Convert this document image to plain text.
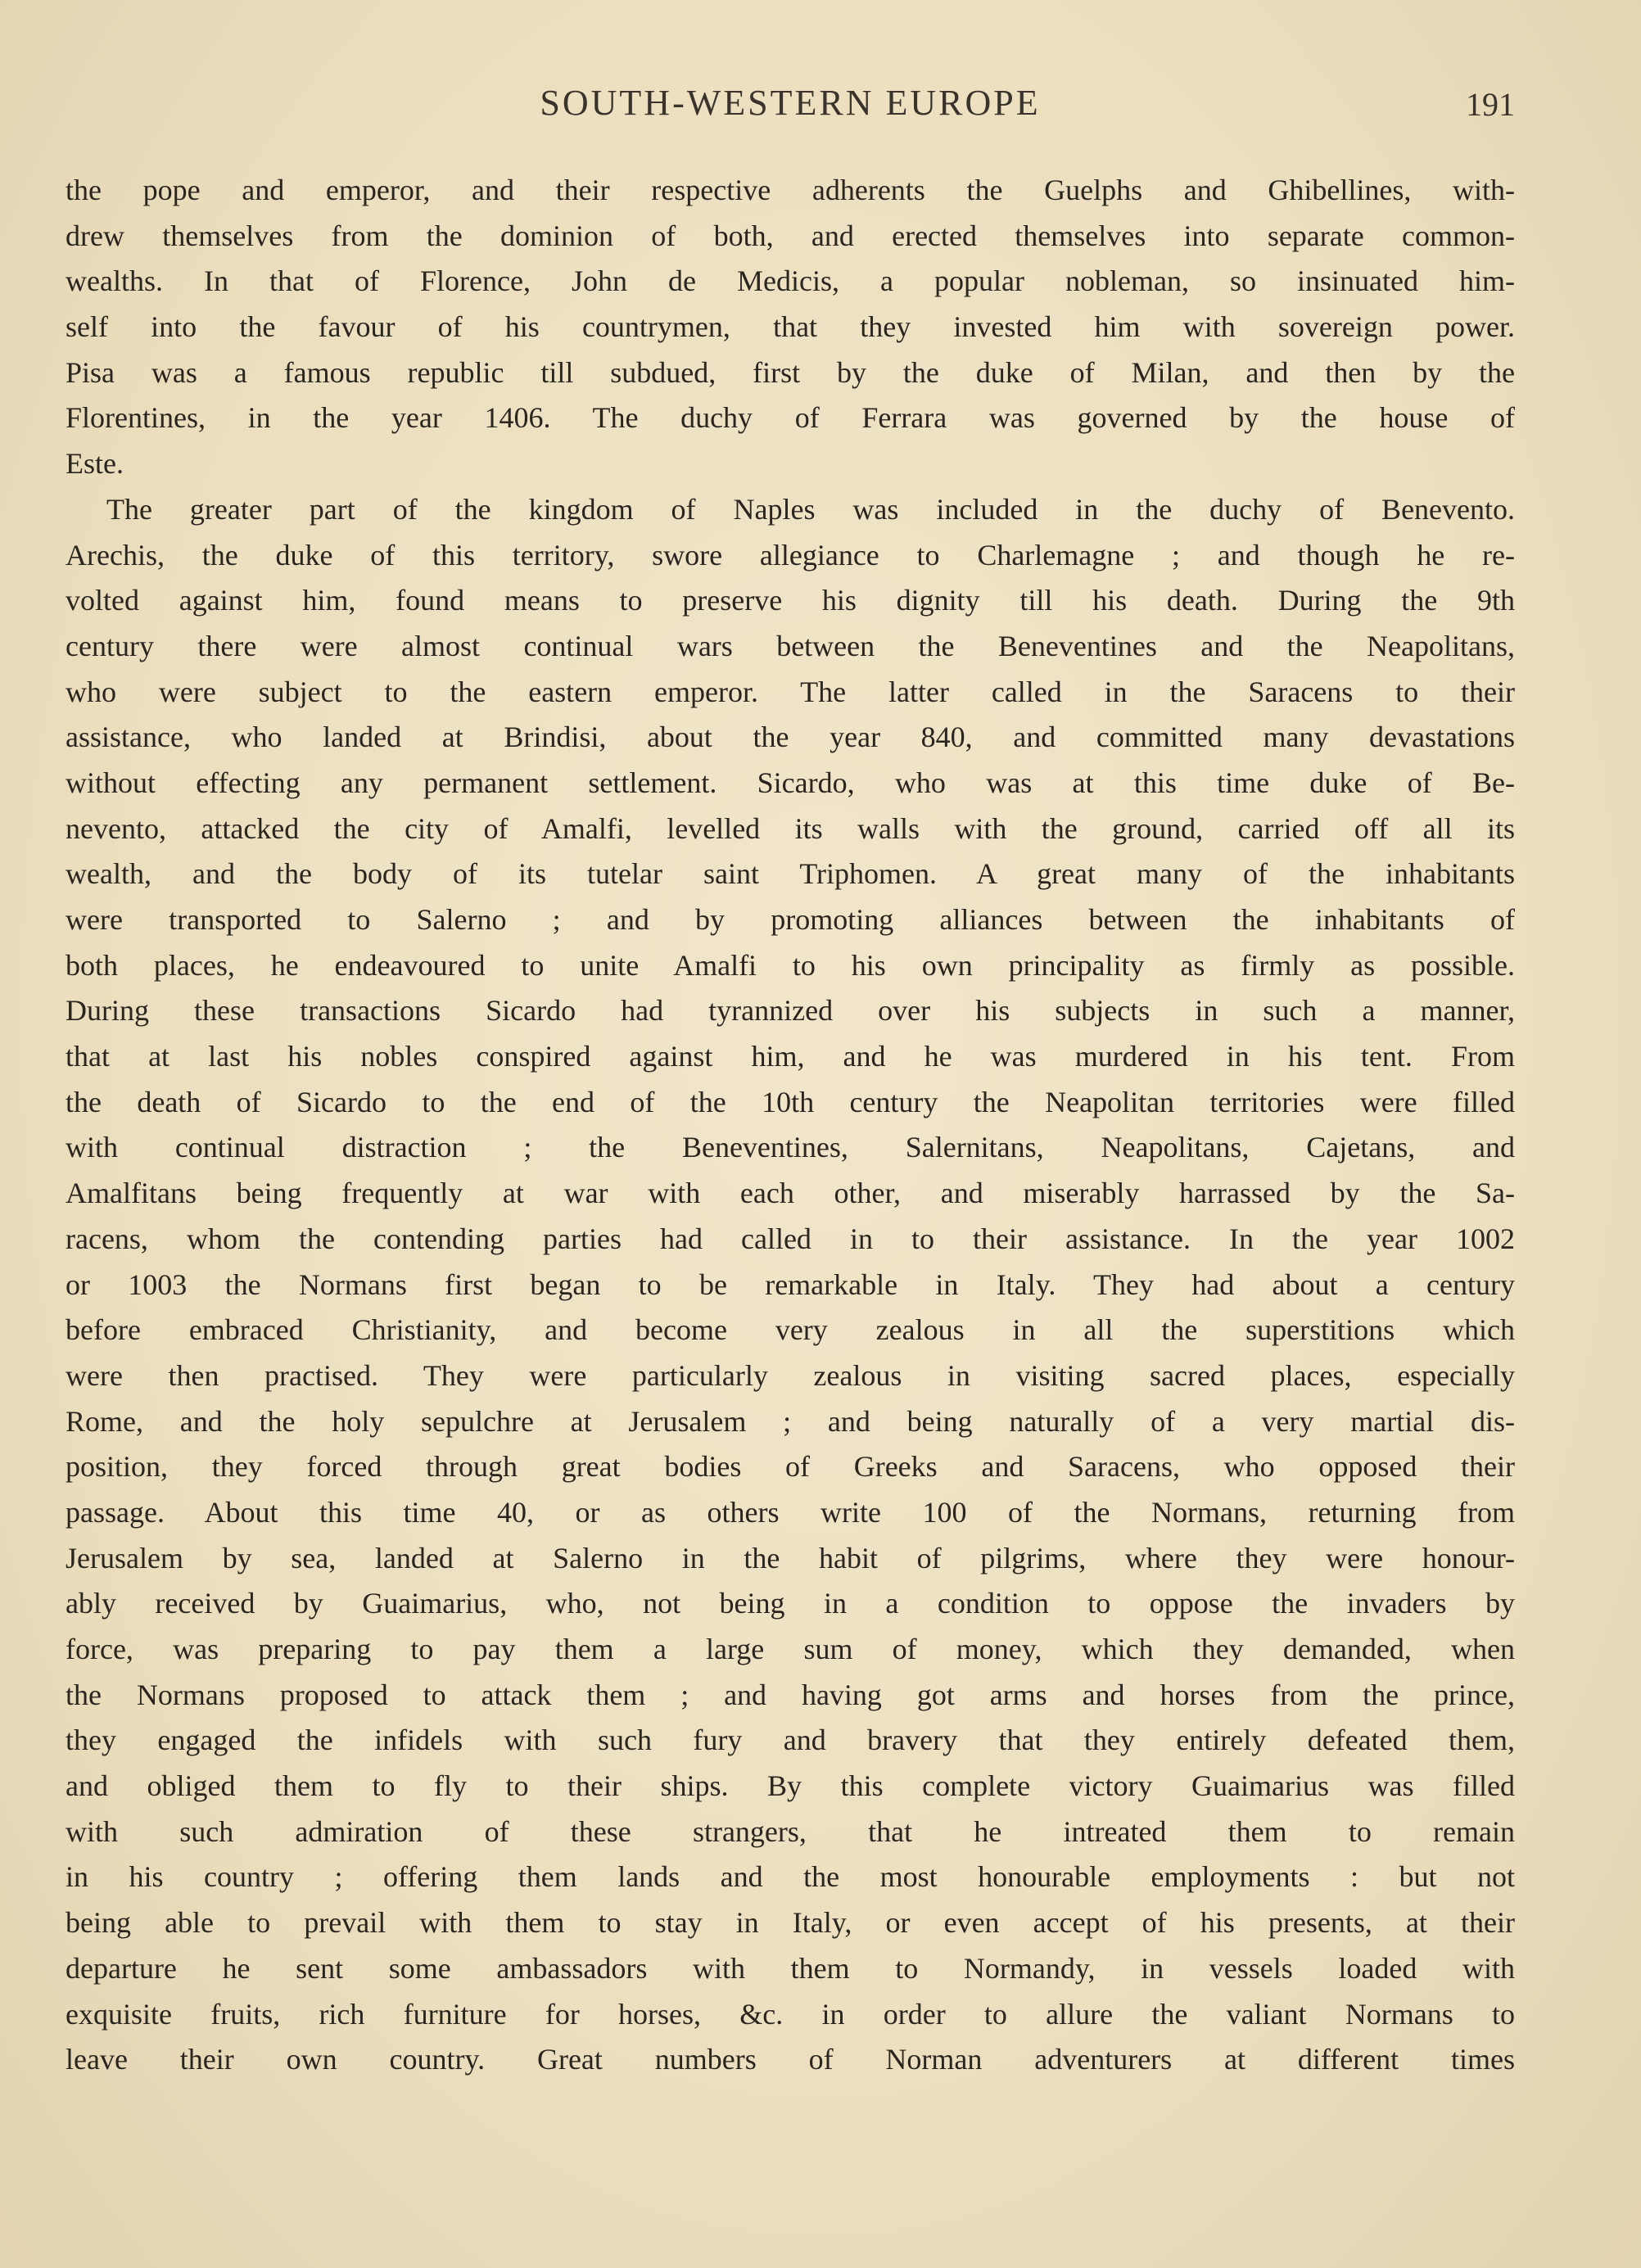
SOUTH-WESTERN EUROPE	191
the pope and emperor, and their respective adherents the Guelphs and Ghibellines, with-
drew themselves from the dominion of both, and erected themselves into separate common-
wealths. In that of Florence, John de Medicis, a popular nobleman, so insinuated him-
self into the favour of his countrymen, that they invested him with sovereign power.
Pisa was a famous republic till subdued, first by the duke of Milan, and then by the
Florentines, in the year 1406. The duchy of Ferrara was governed by the house of
Este.
The greater part of the kingdom of Naples was included in the duchy of Benevento.
Arechis, the duke of this territory, swore allegiance to Charlemagne ; and though he re-
volted against him, found means to preserve his dignity till his death. During the 9th
century there were almost continual wars between the Beneventines and the Neapolitans,
who were subject to the eastern emperor. The latter called in the Saracens to their
assistance, who landed at Brindisi, about the year 840, and committed many devastations
without effecting any permanent settlement. Sicardo, who was at this time duke of Be-
nevento, attacked the city of Amalfi, levelled its walls with the ground, carried off all its
wealth, and the body of its tutelar saint Triphomen. A great many of the inhabitants
were transported to Salerno ; and by promoting alliances between the inhabitants of
both places, he endeavoured to unite Amalfi to his own principality as firmly as possible.
During these transactions Sicardo had tyrannized over his subjects in such a manner,
that at last his nobles conspired against him, and he was murdered in his tent. From
the death of Sicardo to the end of the 10th century the Neapolitan territories were filled
with continual distraction ; the Beneventines, Salernitans, Neapolitans, Cajetans, and
Amalfitans being frequently at war with each other, and miserably harrassed by the Sa-
racens, whom the contending parties had called in to their assistance. In the year 1002
or 1003 the Normans first began to be remarkable in Italy. They had about a century
before embraced Christianity, and become very zealous in all the superstitions which
were then practised. They were particularly zealous in visiting sacred places, especially
Rome, and the holy sepulchre at Jerusalem ; and being naturally of a very martial dis-
position, they forced through great bodies of Greeks and Saracens, who opposed their
passage. About this time 40, or as others write 100 of the Normans, returning from
Jerusalem by sea, landed at Salerno in the habit of pilgrims, where they were honour-
ably received by Guaimarius, who, not being in a condition to oppose the invaders by
force, was preparing to pay them a large sum of money, which they demanded, when
the Normans proposed to attack them ; and having got arms and horses from the prince,
they engaged the infidels with such fury and bravery that they entirely defeated them,
and obliged them to fly to their ships. By this complete victory Guaimarius was filled
with such admiration of these strangers, that he intreated them to remain
in his country ; offering them lands and the most honourable employments : but not
being able to prevail with them to stay in Italy, or even accept of his presents, at their
departure he sent some ambassadors with them to Normandy, in vessels loaded with
exquisite fruits, rich furniture for horses, &c. in order to allure the valiant Normans to
leave their own country. Great numbers of Norman adventurers at different times
